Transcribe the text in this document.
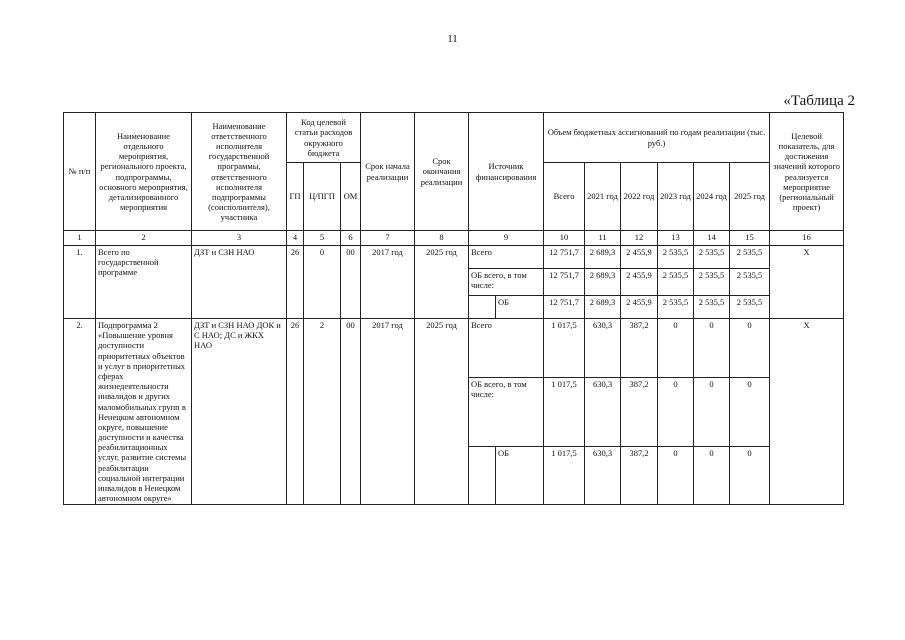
11
«Таблица 2
№ п/п	Наименование отдельного мероприятия, регионального проекта, подпрограммы, основного мероприятия, детализированного мероприятия	Наименование ответственного исполнителя государственной программы, ответственного исполнителя подпрограммы (соисполнителя), участника	Код целевой статьи расходов окружного бюджета			Срок начала реализации	Срок окончания реализации	Источник финансирования		Объем бюджетных ассигнований по годам реализации (тыс. руб.)						Целевой показатель, для достижения значений которого реализуется мероприятие (региональный проект)
			ГП	Ц/ПГП	ОМ					Всего	2021 год	2022 год	2023 год	2024 год	2025 год	
1	2	3	4	5	6	7	8	9		10	11	12	13	14	15	16
1.	Всего по государственной программе	ДЗТ и СЗН НАО	26	0	00	2017 год	2025 год	Всего		12 751,7	2 689,3	2 455,9	2 535,5	2 535,5	2 535,5	Х
								ОБ всего, в том числе:		12 751,7	2 689,3	2 455,9	2 535,5	2 535,5	2 535,5	
									ОБ	12 751,7	2 689,3	2 455,9	2 535,5	2 535,5	2 535,5	
2.	Подпрограмма 2 «Повышение уровня доступности приоритетных объектов и услуг в приоритетных сферах жизнедеятельности инвалидов и других маломобильных групп в Ненецком автономном округе, повышение доступности и качества реабилитационных услуг, развитие системы реабилитации социальной интеграции инвалидов в Ненецком автономном округе»	ДЗТ и СЗН НАО ДОК и С НАО; ДС и ЖКХ НАО	26	2	00	2017 год	2025 год	Всего		1 017,5	630,3	387,2	0	0	0	Х
								ОБ всего, в том числе:		1 017,5	630,3	387,2	0	0	0	
									ОБ	1 017,5	630,3	387,2	0	0	0	
